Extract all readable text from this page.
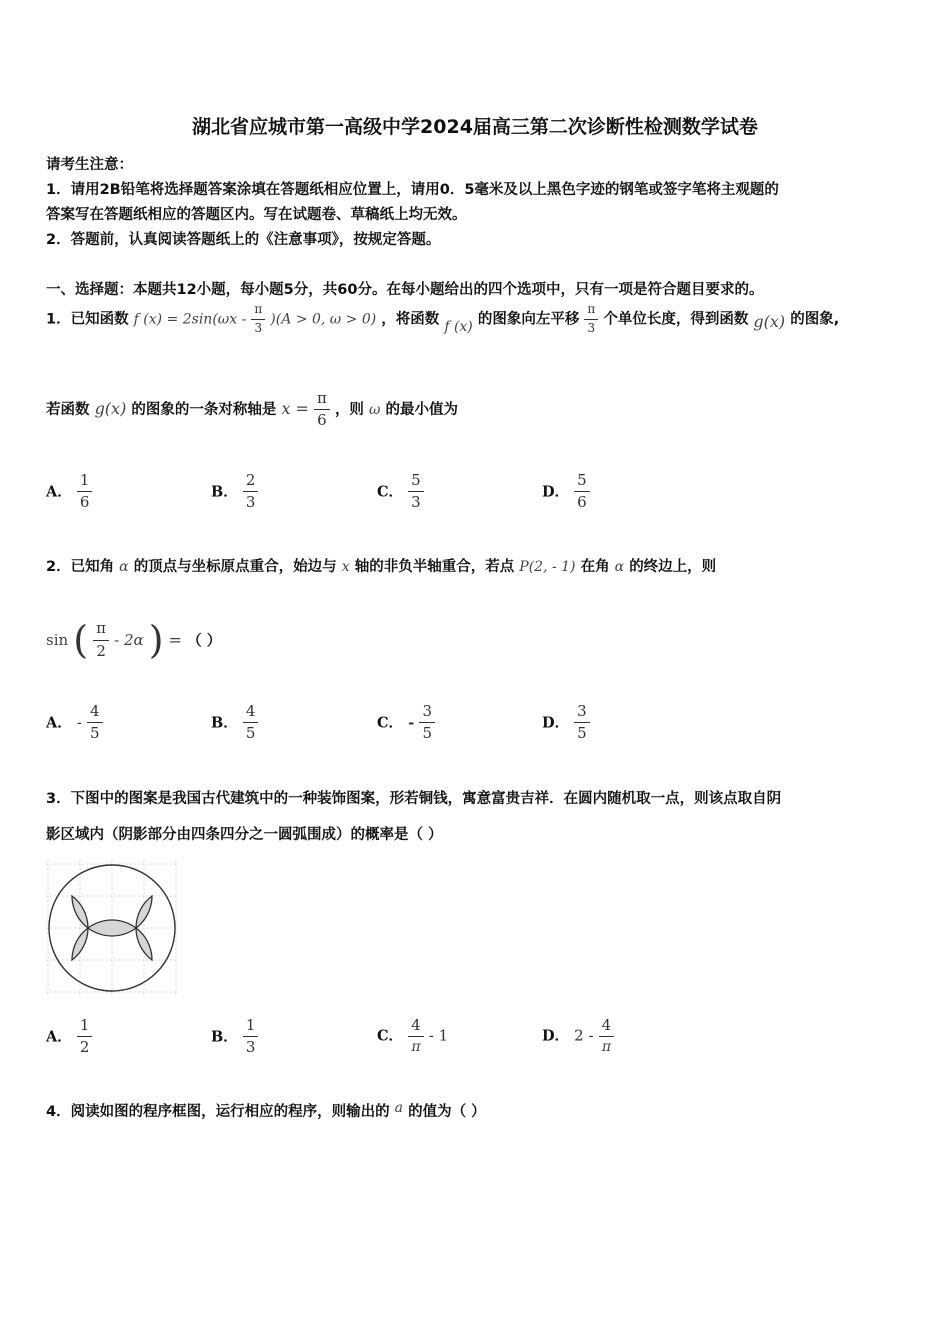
湖北省应城市第一高级中学2024届高三第二次诊断性检测数学试卷
请考生注意：
1．请用2B铅笔将选择题答案涂填在答题纸相应位置上，请用0．5毫米及以上黑色字迹的钢笔或签字笔将主观题的
答案写在答题纸相应的答题区内。写在试题卷、草稿纸上均无效。
2．答题前，认真阅读答题纸上的《注意事项》，按规定答题。
一、选择题：本题共12小题，每小题5分，共60分。在每小题给出的四个选项中，只有一项是符合题目要求的。
1．已知函数 f $(x) = 2\sin(\omega x - \frac{\pi}{3} )(A > 0$, ω > 0) ，将函数 f (x) 的图象向左平移 $\frac{\pi}{3}$ 个单位长度，得到函数 g(x) 的图象,
若函数 g(x) 的图象的一条对称轴是 $x = \frac{\pi}{6}$ ，则 ω 的最小值为
A． $\frac{1}{6}$	B． $\frac{2}{3}$	C． $\frac{5}{3}$	D． $\frac{5}{6}$
2．已知角 α 的顶点与坐标原点重合，始边与 x 轴的非负半轴重合，若点 P(2, - 1) 在角 α 的终边上，则
sin ( $\frac{\pi}{2} - 2\alpha$ ) = （ ）
A． - $\frac{4}{5}$	B． $\frac{4}{5}$	C． - $\frac{3}{5}$	D． $\frac{3}{5}$
3．下图中的图案是我国古代建筑中的一种装饰图案，形若铜钱，寓意富贵吉祥．在圆内随机取一点，则该点取自阴
影区域内（阴影部分由四条四分之一圆弧围成）的概率是（ ）
A． $\frac{1}{2}$	B． $\frac{1}{3}$	C． $\frac{4}{\pi} - 1$	D． $2 - \frac{4}{\pi}$
4．阅读如图的程序框图，运行相应的程序，则输出的 a 的值为（ ）
